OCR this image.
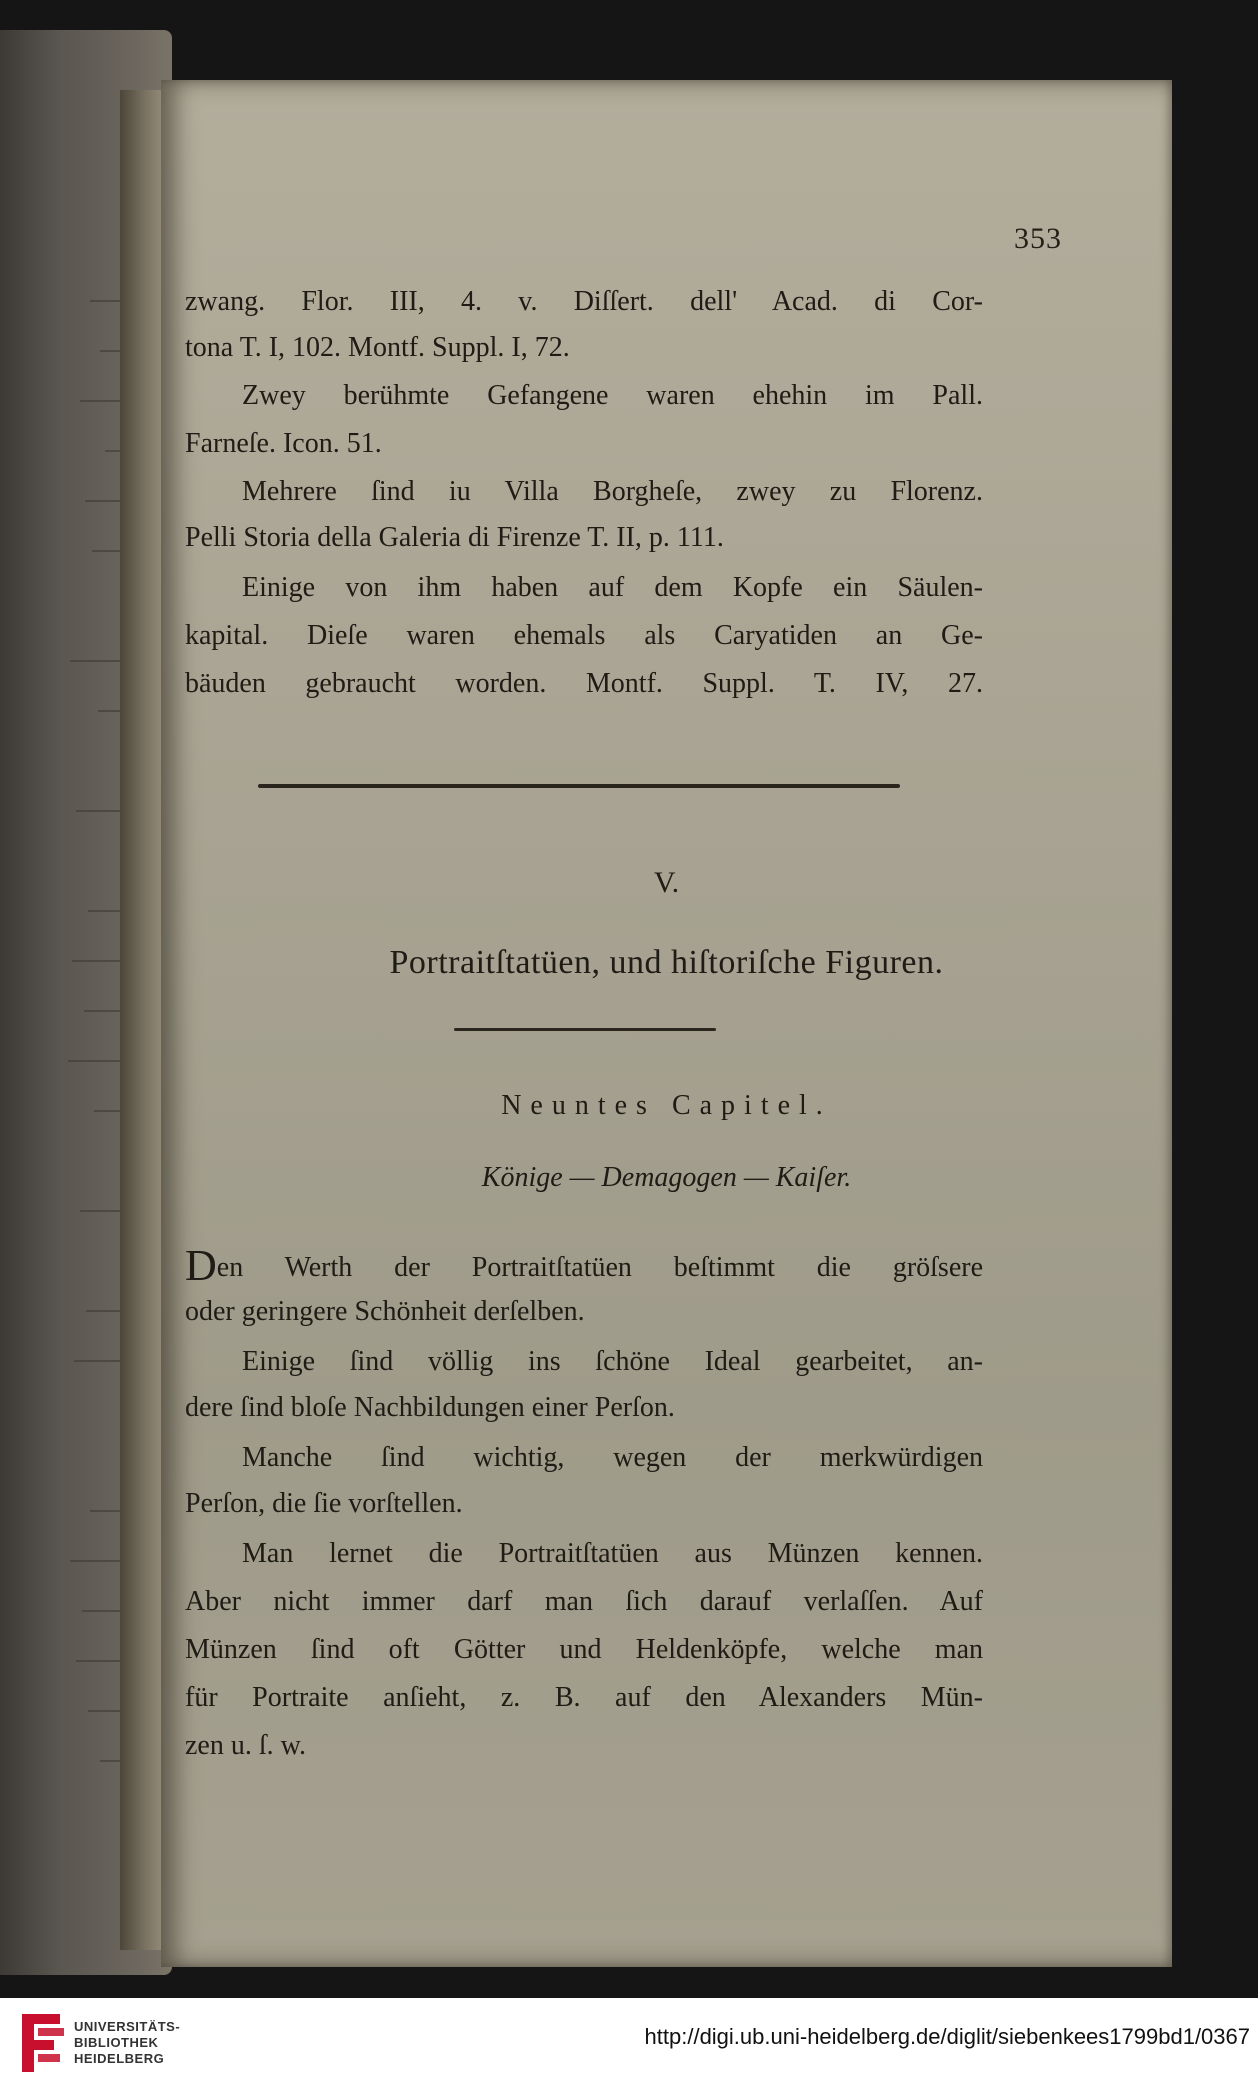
353
zwang. Flor. III, 4. v. Diſſert. dell' Acad. di Cor-
tona T. I, 102. Montf. Suppl. I, 72.
Zwey berühmte Gefangene waren ehehin im Pall.
Farneſe. Icon. 51.
Mehrere ſind iu Villa Borgheſe, zwey zu Florenz.
Pelli Storia della Galeria di Firenze T. II, p. 111.
Einige von ihm haben auf dem Kopfe ein Säulen-
kapital. Dieſe waren ehemals als Caryatiden an Ge-
bäuden gebraucht worden. Montf. Suppl. T. IV, 27.
V.
Portraitſtatüen, und hiſtoriſche Figuren.
Neuntes Capitel.
Könige — Demagogen — Kaiſer.
Den Werth der Portraitſtatüen beſtimmt die gröſsere
oder geringere Schönheit derſelben.
Einige ſind völlig ins ſchöne Ideal gearbeitet, an-
dere ſind bloſe Nachbildungen einer Perſon.
Manche ſind wichtig, wegen der merkwürdigen
Perſon, die ſie vorſtellen.
Man lernet die Portraitſtatüen aus Münzen kennen.
Aber nicht immer darf man ſich darauf verlaſſen. Auf
Münzen ſind oft Götter und Heldenköpfe, welche man
für Portraite anſieht, z. B. auf den Alexanders Mün-
zen u. ſ. w.
UNIVERSITÄTS-
BIBLIOTHEK
HEIDELBERG
http://digi.ub.uni-heidelberg.de/diglit/siebenkees1799bd1/0367
